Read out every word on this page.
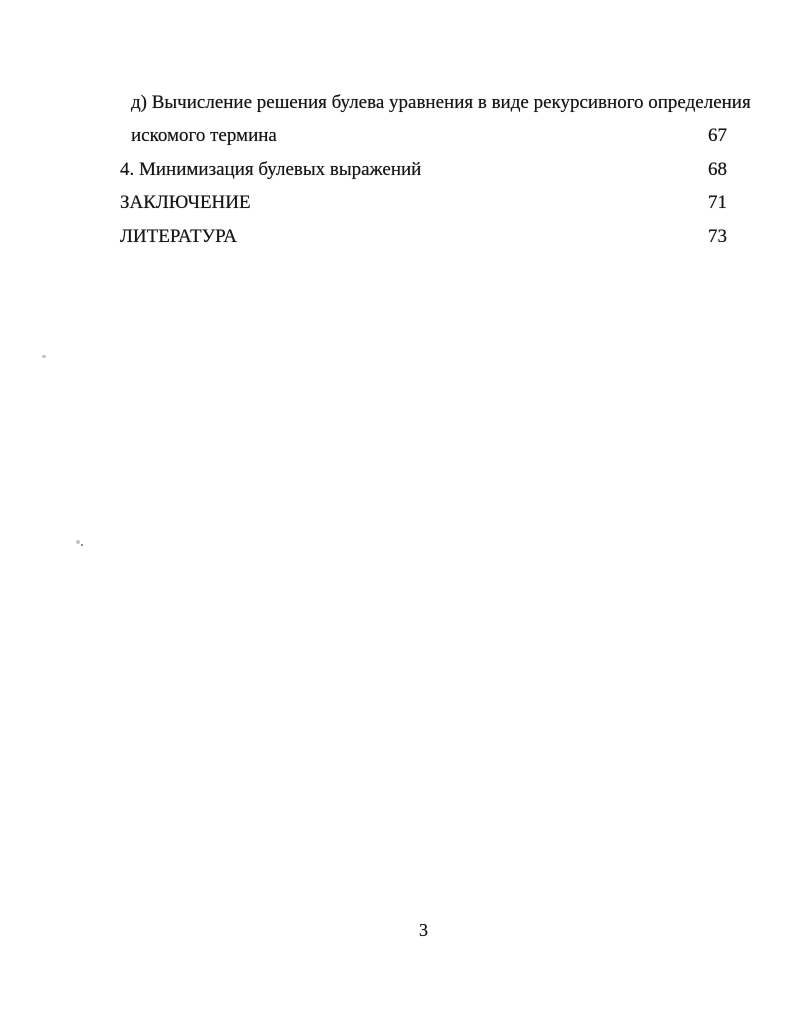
д) Вычисление решения булева уравнения в виде рекурсивного определения
искомого термина	67
4. Минимизация булевых выражений	68
ЗАКЛЮЧЕНИЕ	71
ЛИТЕРАТУРА	73
3
